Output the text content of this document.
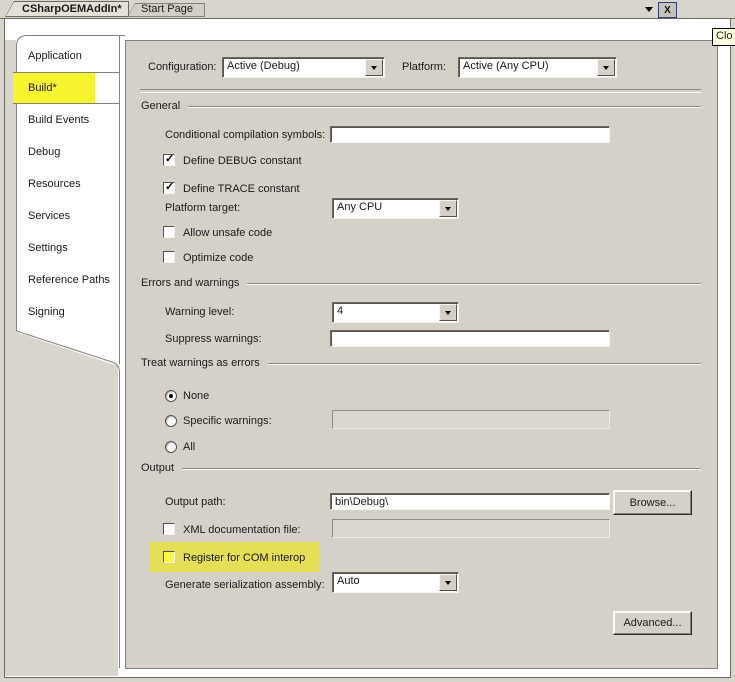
Start Page
CSharpOEMAddIn*	X
Application
Build*
Build Events
Debug
Resources
Services
Settings
Reference Paths
Signing
Configuration: Active (Debug)	Platform: Active (Any CPU)
General
Conditional compilation symbols:
✓ Define DEBUG constant
✓ Define TRACE constant
Platform target:	Any CPU
Allow unsafe code
Optimize code
Errors and warnings
Warning level:	4
Suppress warnings:
Treat warnings as errors
None
Specific warnings:
All
Output
Output path:	bin\Debug\	Browse...
XML documentation file:
Register for COM interop
Generate serialization assembly: Auto
Advanced...
Clo
